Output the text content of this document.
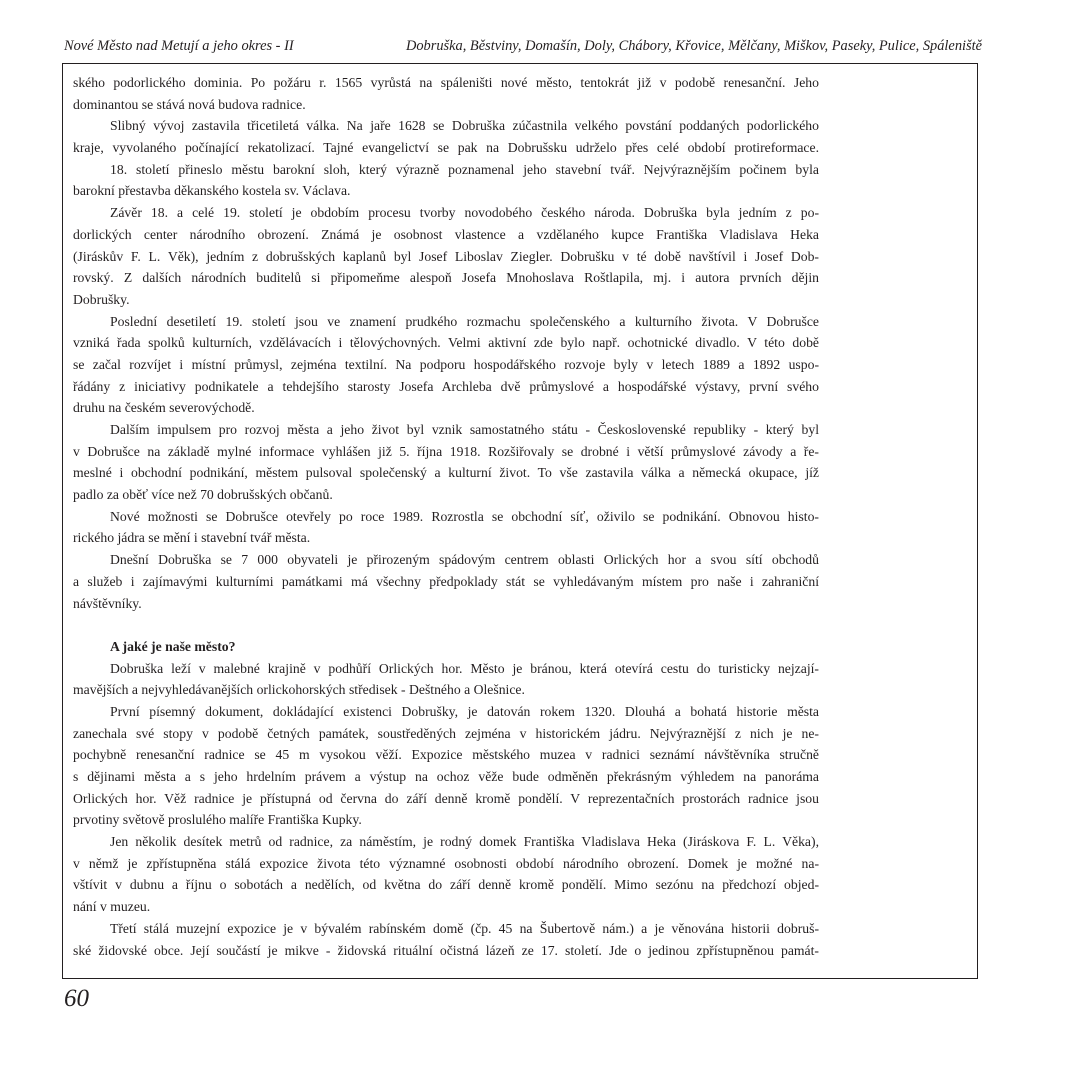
Nové Město nad Metují a jeho okres - II	Dobruška, Běstviny, Domašín, Doly, Chábory, Křovice, Mělčany, Miškov, Paseky, Pulice, Spáleniště
ského podorlického dominia. Po požáru r. 1565 vyrůstá na spáleništi nové město, tentokrát již v podobě renesanční. Jeho
dominantou se stává nová budova radnice.
Slibný vývoj zastavila třicetiletá válka. Na jaře 1628 se Dobruška zúčastnila velkého povstání poddaných podorlického
kraje, vyvolaného počínající rekatolizací. Tajné evangelictví se pak na Dobrušsku udrželo přes celé období protireformace.
18. století přineslo městu barokní sloh, který výrazně poznamenal jeho stavební tvář. Nejvýraznějším počinem byla
barokní přestavba děkanského kostela sv. Václava.
Závěr 18. a celé 19. století je obdobím procesu tvorby novodobého českého národa. Dobruška byla jedním z po-
dorlických center národního obrození. Známá je osobnost vlastence a vzdělaného kupce Františka Vladislava Heka
(Jiráskův F. L. Věk), jedním z dobrušských kaplanů byl Josef Liboslav Ziegler. Dobrušku v té době navštívil i Josef Dob-
rovský. Z dalších národních buditelů si připomeňme alespoň Josefa Mnohoslava Roštlapila, mj. i autora prvních dějin
Dobrušky.
Poslední desetiletí 19. století jsou ve znamení prudkého rozmachu společenského a kulturního života. V Dobrušce
vzniká řada spolků kulturních, vzdělávacích i tělovýchovných. Velmi aktivní zde bylo např. ochotnické divadlo. V této době
se začal rozvíjet i místní průmysl, zejména textilní. Na podporu hospodářského rozvoje byly v letech 1889 a 1892 uspo-
řádány z iniciativy podnikatele a tehdejšího starosty Josefa Archleba dvě průmyslové a hospodářské výstavy, první svého
druhu na českém severovýchodě.
Dalším impulsem pro rozvoj města a jeho život byl vznik samostatného státu - Československé republiky - který byl
v Dobrušce na základě mylné informace vyhlášen již 5. října 1918. Rozšiřovaly se drobné i větší průmyslové závody a ře-
meslné i obchodní podnikání, městem pulsoval společenský a kulturní život. To vše zastavila válka a německá okupace, jíž
padlo za oběť více než 70 dobrušských občanů.
Nové možnosti se Dobrušce otevřely po roce 1989. Rozrostla se obchodní síť, oživilo se podnikání. Obnovou histo-
rického jádra se mění i stavební tvář města.
Dnešní Dobruška se 7 000 obyvateli je přirozeným spádovým centrem oblasti Orlických hor a svou sítí obchodů
a služeb i zajímavými kulturními památkami má všechny předpoklady stát se vyhledávaným místem pro naše i zahraniční
návštěvníky.
A jaké je naše město?
Dobruška leží v malebné krajině v podhůří Orlických hor. Město je bránou, která otevírá cestu do turisticky nejzají-
mavějších a nejvyhledávanějších orlickohorských středisek - Deštného a Olešnice.
První písemný dokument, dokládající existenci Dobrušky, je datován rokem 1320. Dlouhá a bohatá historie města
zanechala své stopy v podobě četných památek, soustředěných zejména v historickém jádru. Nejvýraznější z nich je ne-
pochybně renesanční radnice se 45 m vysokou věží. Expozice městského muzea v radnici seznámí návštěvníka stručně
s dějinami města a s jeho hrdelním právem a výstup na ochoz věže bude odměněn překrásným výhledem na panoráma
Orlických hor. Věž radnice je přístupná od června do září denně kromě pondělí. V reprezentačních prostorách radnice jsou
prvotiny světově proslulého malíře Františka Kupky.
Jen několik desítek metrů od radnice, za náměstím, je rodný domek Františka Vladislava Heka (Jiráskova F. L. Věka),
v němž je zpřístupněna stálá expozice života této významné osobnosti období národního obrození. Domek je možné na-
vštívit v dubnu a říjnu o sobotách a nedělích, od května do září denně kromě pondělí. Mimo sezónu na předchozí objed-
nání v muzeu.
Třetí stálá muzejní expozice je v bývalém rabínském domě (čp. 45 na Šubertově nám.) a je věnována historii dobruš-
ské židovské obce. Její součástí je mikve - židovská rituální očistná lázeň ze 17. století. Jde o jedinou zpřístupněnou památ-
60
